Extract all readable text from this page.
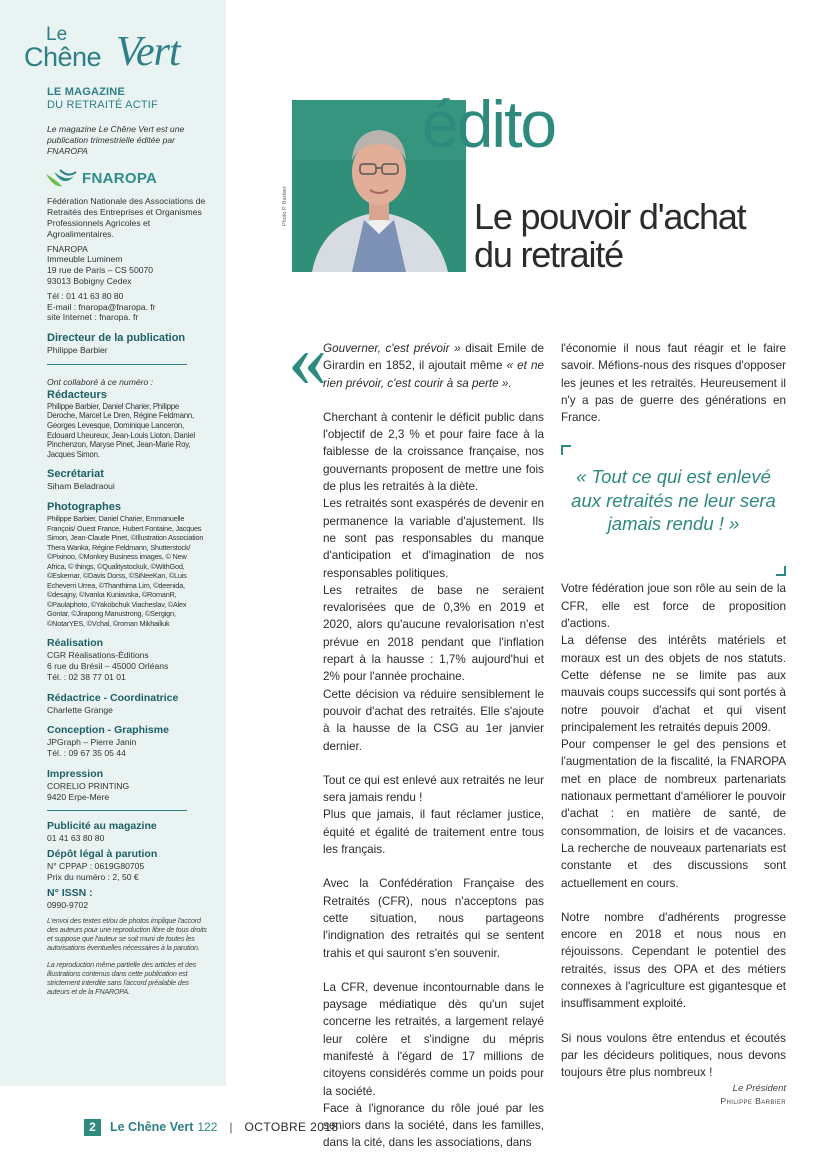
Le
Chêne Vert
LE MAGAZINE
DU RETRAITÉ ACTIF
Le magazine Le Chêne Vert est une publication trimestrielle éditée par FNAROPA
FNAROPA
Fédération Nationale des Associations de Retraités des Entreprises et Organismes Professionnels Agricoles et Agroalimentaires.
FNAROPA
Immeuble Luminem
19 rue de Paris – CS 50070
93013 Bobigny Cedex
Tél : 01 41 63 80 80
E-mail : fnaropa@fnaropa. fr
site Internet : fnaropa. fr
Directeur de la publication
Philippe Barbier
Ont collaboré à ce numéro :
Rédacteurs
Philippe Barbier, Daniel Charier, Philippe Deroche, Marcel Le Dren, Régine Feldmann, Georges Levesque, Dominique Lanceron, Edouard Lheureux, Jean-Louis Lioton, Daniel Pinchenzon, Maryse Pinet, Jean-Marie Roy, Jacques Simon.
Secrétariat
Siham Beladraoui
Photographes
Philippe Barbier, Daniel Charier, Emmanuelle François/ Ouest France, Hubert Fontaine, Jacques Simon, Jean-Claude Pinet, ©Illustration Association Thera Wanka, Régine Feldmann, Shutterstock/©Pixinoo, ©Monkey Business images, © New Africa, © things, ©Qualitystockuk, ©WithGod, ©Eskemar, ©Davis Dorss, ©SiNeeKan, ©Luis Echeverri Urrea, ©Thanthima Lim, ©deenida, ©desajny, ©Ivanka Kuniavska, ©RomanR, ©Paulaphoto, ©Yakobchuk Viacheslav, ©Alex Gontar, ©Jirapong Manustrong, ©Sergign, ©NotarYES, ©Vchal, ©roman Mikhailiuk
Réalisation
CGR Réalisations-Éditions
6 rue du Brésil – 45000 Orléans
Tél. : 02 38 77 01 01
Rédactrice - Coordinatrice
Charlette Grange
Conception - Graphisme
JPGraph – Pierre Janin
Tél. : 09 67 35 05 44
Impression
CORELIO PRINTING
9420 Erpe-Mere
Publicité au magazine
01 41 63 80 80
Dépôt légal à parution
N° CPPAP : 0619G80705
Prix du numéro : 2, 50 €
N° ISSN :
0990-9702
L'envoi des textes et/ou de photos implique l'accord des auteurs pour une reproduction libre de tous droits et suppose que l'auteur se soit muni de toutes les autorisations éventuelles nécessaires à la parution.
La reproduction même partielle des articles et des illustrations contenus dans cette publication est strictement interdite sans l'accord préalable des auteurs et de la FNAROPA.
Photo P. Barbier
édito
Le pouvoir d'achat
du retraité
« Gouverner, c'est prévoir » disait Emile de Girardin en 1852, il ajoutait même « et ne rien prévoir, c'est courir à sa perte ».

Cherchant à contenir le déficit public dans l'objectif de 2,3 % et pour faire face à la faiblesse de la croissance française, nos gouvernants proposent de mettre une fois de plus les retraités à la diète.

Les retraités sont exaspérés de devenir en permanence la variable d'ajustement. Ils ne sont pas responsables du manque d'anticipation et d'imagination de nos responsables politiques.

Les retraites de base ne seraient revalorisées que de 0,3% en 2019 et 2020, alors qu'aucune revalorisation n'est prévue en 2018 pendant que l'inflation repart à la hausse : 1,7% aujourd'hui et 2% pour l'année prochaine.

Cette décision va réduire sensiblement le pouvoir d'achat des retraités. Elle s'ajoute à la hausse de la CSG au 1er janvier dernier.

Tout ce qui est enlevé aux retraités ne leur sera jamais rendu !

Plus que jamais, il faut réclamer justice, équité et égalité de traitement entre tous les français.

Avec la Confédération Française des Retraités (CFR), nous n'acceptons pas cette situation, nous partageons l'indignation des retraités qui se sentent trahis et qui sauront s'en souvenir.

La CFR, devenue incontournable dans le paysage médiatique dès qu'un sujet concerne les retraités, a largement relayé leur colère et s'indigne du mépris manifesté à l'égard de 17 millions de citoyens considérés comme un poids pour la société.

Face à l'ignorance du rôle joué par les seniors dans la société, dans les familles, dans la cité, dans les associations, dans

l'économie il nous faut réagir et le faire savoir. Méfions-nous des risques d'opposer les jeunes et les retraités. Heureusement il n'y a pas de guerre des générations en France.

Votre fédération joue son rôle au sein de la CFR, elle est force de proposition d'actions.

La défense des intérêts matériels et moraux est un des objets de nos statuts. Cette défense ne se limite pas aux mauvais coups successifs qui sont portés à notre pouvoir d'achat et qui visent principalement les retraités depuis 2009.

Pour compenser le gel des pensions et l'augmentation de la fiscalité, la FNAROPA met en place de nombreux partenariats nationaux permettant d'améliorer le pouvoir d'achat : en matière de santé, de consommation, de loisirs et de vacances. La recherche de nouveaux partenariats est constante et des discussions sont actuellement en cours.

Notre nombre d'adhérents progresse encore en 2018 et nous nous en réjouissons. Cependant le potentiel des retraités, issus des OPA et des métiers connexes à l'agriculture est gigantesque et insuffisamment exploité.

Si nous voulons être entendus et écoutés par les décideurs politiques, nous devons toujours être plus nombreux !

Le Président
Philippe Barbier
« Tout ce qui est enlevé aux retraités ne leur sera jamais rendu ! »
2	Le Chêne Vert 122 | OCTOBRE 2018
